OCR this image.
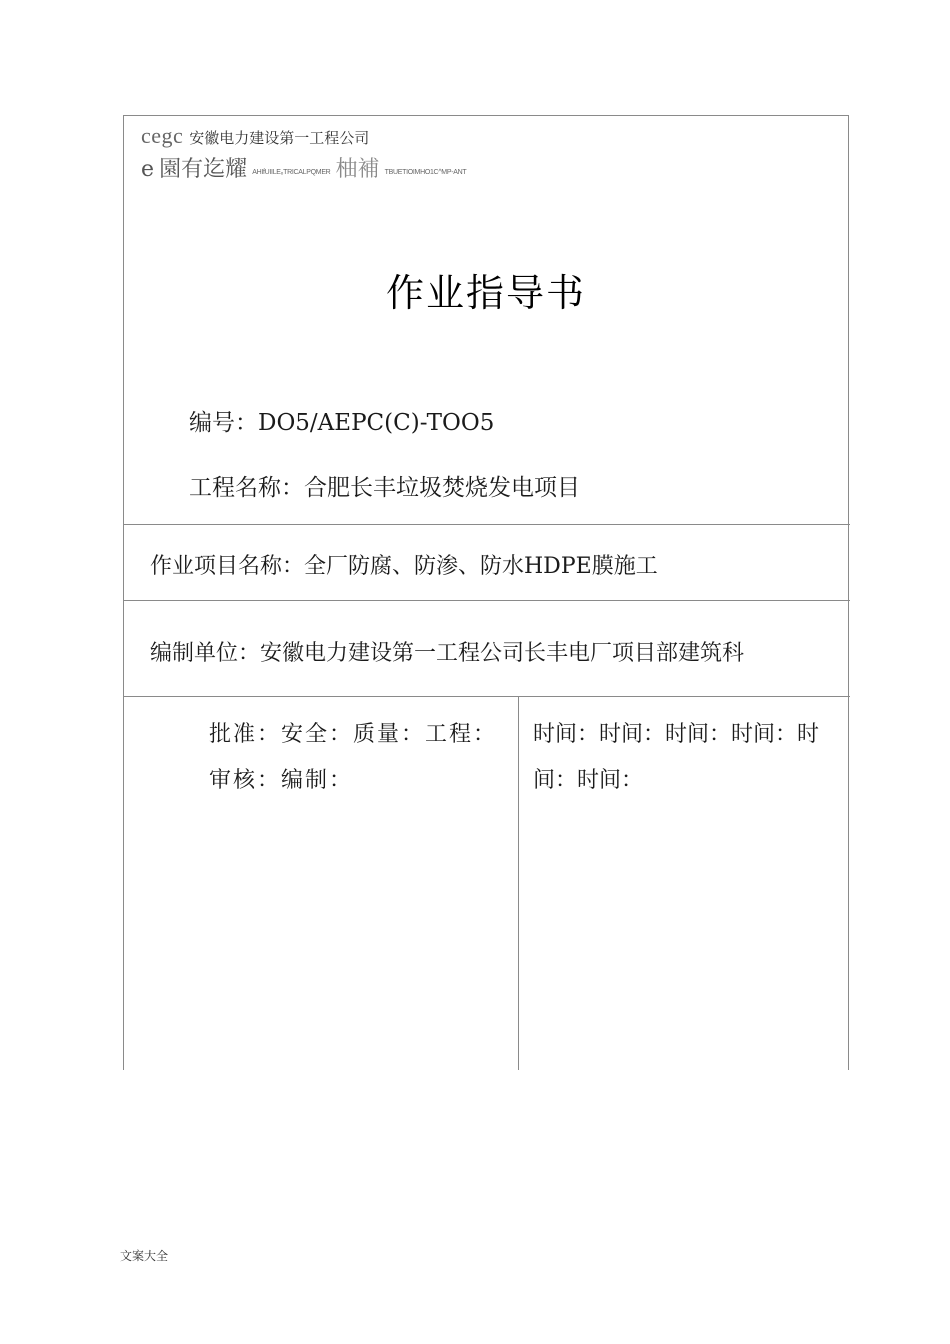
cegc 安徽电力建设第一工程公司
e 園有迄耀 AHIfUIILE₆TRICALPQMER 柚補 TBUETIOIMHO1C^MP-ANT
作业指导书
编号：DO5/AEPC(C)-TOO5
工程名称：合肥长丰垃圾焚烧发电项目
作业项目名称：全厂防腐、防渗、防水HDPE膜施工
编制单位：安徽电力建设第一工程公司长丰电厂项目部建筑科
批准：安全：质量：工程：审核：编制：
时间：时间：时间：时间：时间：时间：
文案大全
